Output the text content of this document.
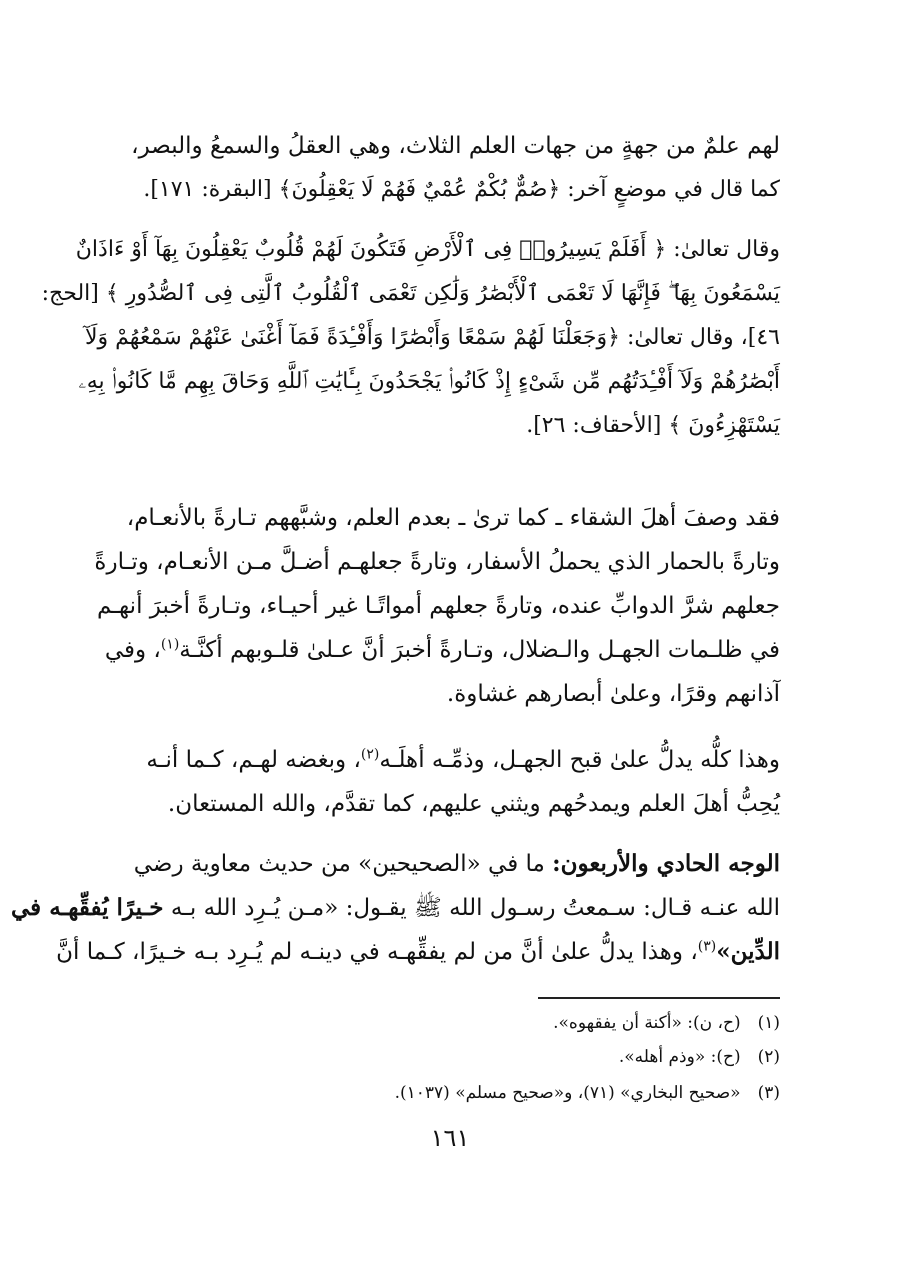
لهم علمٌ من جهةٍ من جهات العلم الثلاث، وهي العقلُ والسمعُ والبصر،
كما قال في موضعٍ آخر: ﴿صُمٌّ بُكْمٌ عُمْيٌ فَهُمْ لَا يَعْقِلُونَ﴾ [البقرة: ١٧١].

وقال تعالىٰ: ﴿ أَفَلَمْ يَسِيرُوا۟ فِى ٱلْأَرْضِ فَتَكُونَ لَهُمْ قُلُوبٌ يَعْقِلُونَ بِهَآ أَوْ ءَاذَانٌ
يَسْمَعُونَ بِهَا ۖ فَإِنَّهَا لَا تَعْمَى ٱلْأَبْصَٰرُ وَلَٰكِن تَعْمَى ٱلْقُلُوبُ ٱلَّتِى فِى ٱلصُّدُورِ ﴾ [الحج:
٤٦]، وقال تعالىٰ: ﴿وَجَعَلْنَا لَهُمْ سَمْعًا وَأَبْصَٰرًا وَأَفْـِٔدَةً فَمَآ أَغْنَىٰ عَنْهُمْ سَمْعُهُمْ وَلَآ
أَبْصَٰرُهُمْ وَلَآ أَفْـِٔدَتُهُم مِّن شَىْءٍ إِذْ كَانُوا۟ يَجْحَدُونَ بِـَٔايَٰتِ ٱللَّهِ وَحَاقَ بِهِم مَّا كَانُوا۟ بِهِۦ
يَسْتَهْزِءُونَ ﴾ [الأحقاف: ٢٦].

فقد وصفَ أهلَ الشقاء ـ كما ترىٰ ـ بعدم العلم، وشبَّههم تـارةً بالأنعـام،
وتارةً بالحمار الذي يحملُ الأسفار، وتارةً جعلهـم أضـلَّ مـن الأنعـام، وتـارةً
جعلهم شرَّ الدوابِّ عنده، وتارةً جعلهم أمواتًـا غير أحيـاء، وتـارةً أخبرَ أنهـم
في ظلـمات الجهـل والـضلال، وتـارةً أخبرَ أنَّ عـلىٰ قلـوبهم أكنَّـة$^{(١)}$، وفي
آذانهم وقرًا، وعلىٰ أبصارهم غشاوة.

وهذا كلُّه يدلُّ علىٰ قبح الجهـل، وذمِّـه أهلَـه$^{(٢)}$، وبغضه لهـم، كـما أنـه
يُحِبُّ أهلَ العلم ويمدحُهم ويثني عليهم، كما تقدَّم، والله المستعان.

الوجه الحادي والأربعون: ما في «الصحيحين» من حديث معاوية رضي
الله عنـه قـال: سـمعتُ رسـول الله ﷺ يقـول: «مـن يُـرِد الله بـه خـيرًا يُفقِّهـه في
الدِّين»$^{(٣)}$، وهذا يدلُّ علىٰ أنَّ من لم يفقِّهـه في دينـه لم يُـرِد بـه خـيرًا، كـما أنَّ

(١) (ح، ن): «أكنة أن يفقهوه».

(٢) (ح): «وذم أهله».

(٣) «صحيح البخاري» (٧١)، و«صحيح مسلم» (١٠٣٧).

١٦١
